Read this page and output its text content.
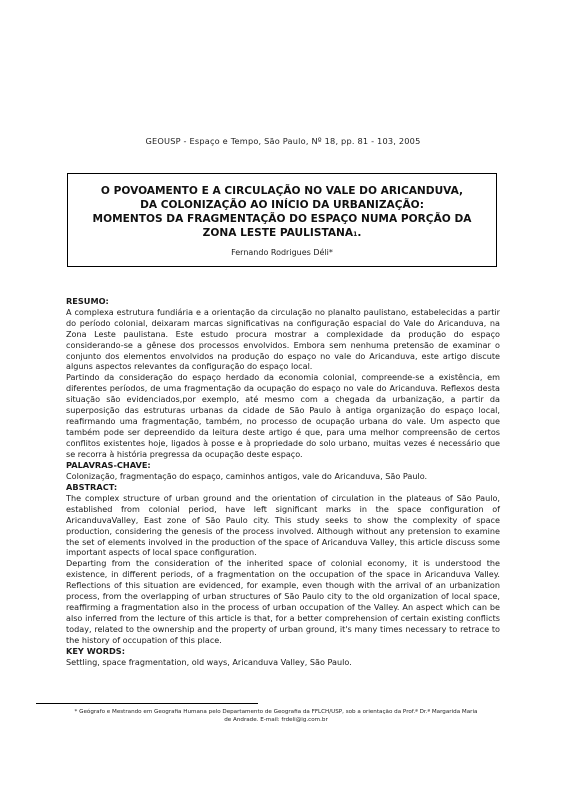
GEOUSP - Espaço e Tempo, São Paulo, Nº 18, pp. 81 - 103, 2005
O POVOAMENTO E A CIRCULAÇÃO NO VALE DO ARICANDUVA,
DA COLONIZAÇÃO AO INÍCIO DA URBANIZAÇÃO:
MOMENTOS DA FRAGMENTAÇÃO DO ESPAÇO NUMA PORÇÃO DA
ZONA LESTE PAULISTANA1.
Fernando Rodrigues Déli*
RESUMO:

A complexa estrutura fundiária e a orientação da circulação no planalto paulistano, estabelecidas a partir do período colonial, deixaram marcas significativas na configuração espacial do Vale do Aricanduva, na Zona Leste paulistana. Este estudo procura mostrar a complexidade da produção do espaço considerando-se a gênese dos processos envolvidos. Embora sem nenhuma pretensão de examinar o conjunto dos elementos envolvidos na produção do espaço no vale do Aricanduva, este artigo discute alguns aspectos relevantes da configuração do espaço local.

Partindo da consideração do espaço herdado da economia colonial, compreende-se a existência, em diferentes períodos, de uma fragmentação da ocupação do espaço no vale do Aricanduva. Reflexos desta situação são evidenciados,por exemplo, até mesmo com a chegada da urbanização, a partir da superposição das estruturas urbanas da cidade de São Paulo à antiga organização do espaço local, reafirmando uma fragmentação, também, no processo de ocupação urbana do vale. Um aspecto que também pode ser depreendido da leitura deste artigo é que, para uma melhor compreensão de certos conflitos existentes hoje, ligados à posse e à propriedade do solo urbano, muitas vezes é necessário que se recorra à história pregressa da ocupação deste espaço.

PALAVRAS-CHAVE:

Colonização, fragmentação do espaço, caminhos antigos, vale do Aricanduva, São Paulo.

ABSTRACT:

The complex structure of urban ground and the orientation of circulation in the plateaus of São Paulo, established from colonial period, have left significant marks in the space configuration of AricanduvaValley, East zone of São Paulo city. This study seeks to show the complexity of space production, considering the genesis of the process involved. Although without any pretension to examine the set of elements involved in the production of the space of Aricanduva Valley, this article discuss some important aspects of local space configuration.

Departing from the consideration of the inherited space of colonial economy, it is understood the existence, in different periods, of a fragmentation on the occupation of the space in Aricanduva Valley. Reflections of this situation are evidenced, for example, even though with the arrival of an urbanization process, from the overlapping of urban structures of São Paulo city to the old organization of local space, reaffirming a fragmentation also in the process of urban occupation of the Valley. An aspect which can be also inferred from the lecture of this article is that, for a better comprehension of certain existing conflicts today, related to the ownership and the property of urban ground, it's many times necessary to retrace to the history of occupation of this place.

KEY WORDS:

Settling, space fragmentation, old ways, Aricanduva Valley, São Paulo.

* Geógrafo e Mestrando em Geografia Humana pelo Departamento de Geografia da FFLCH/USP, sob a orientação da Prof.ª Dr.ª Margarida Maria
de Andrade. E-mail: frdeli@ig.com.br
